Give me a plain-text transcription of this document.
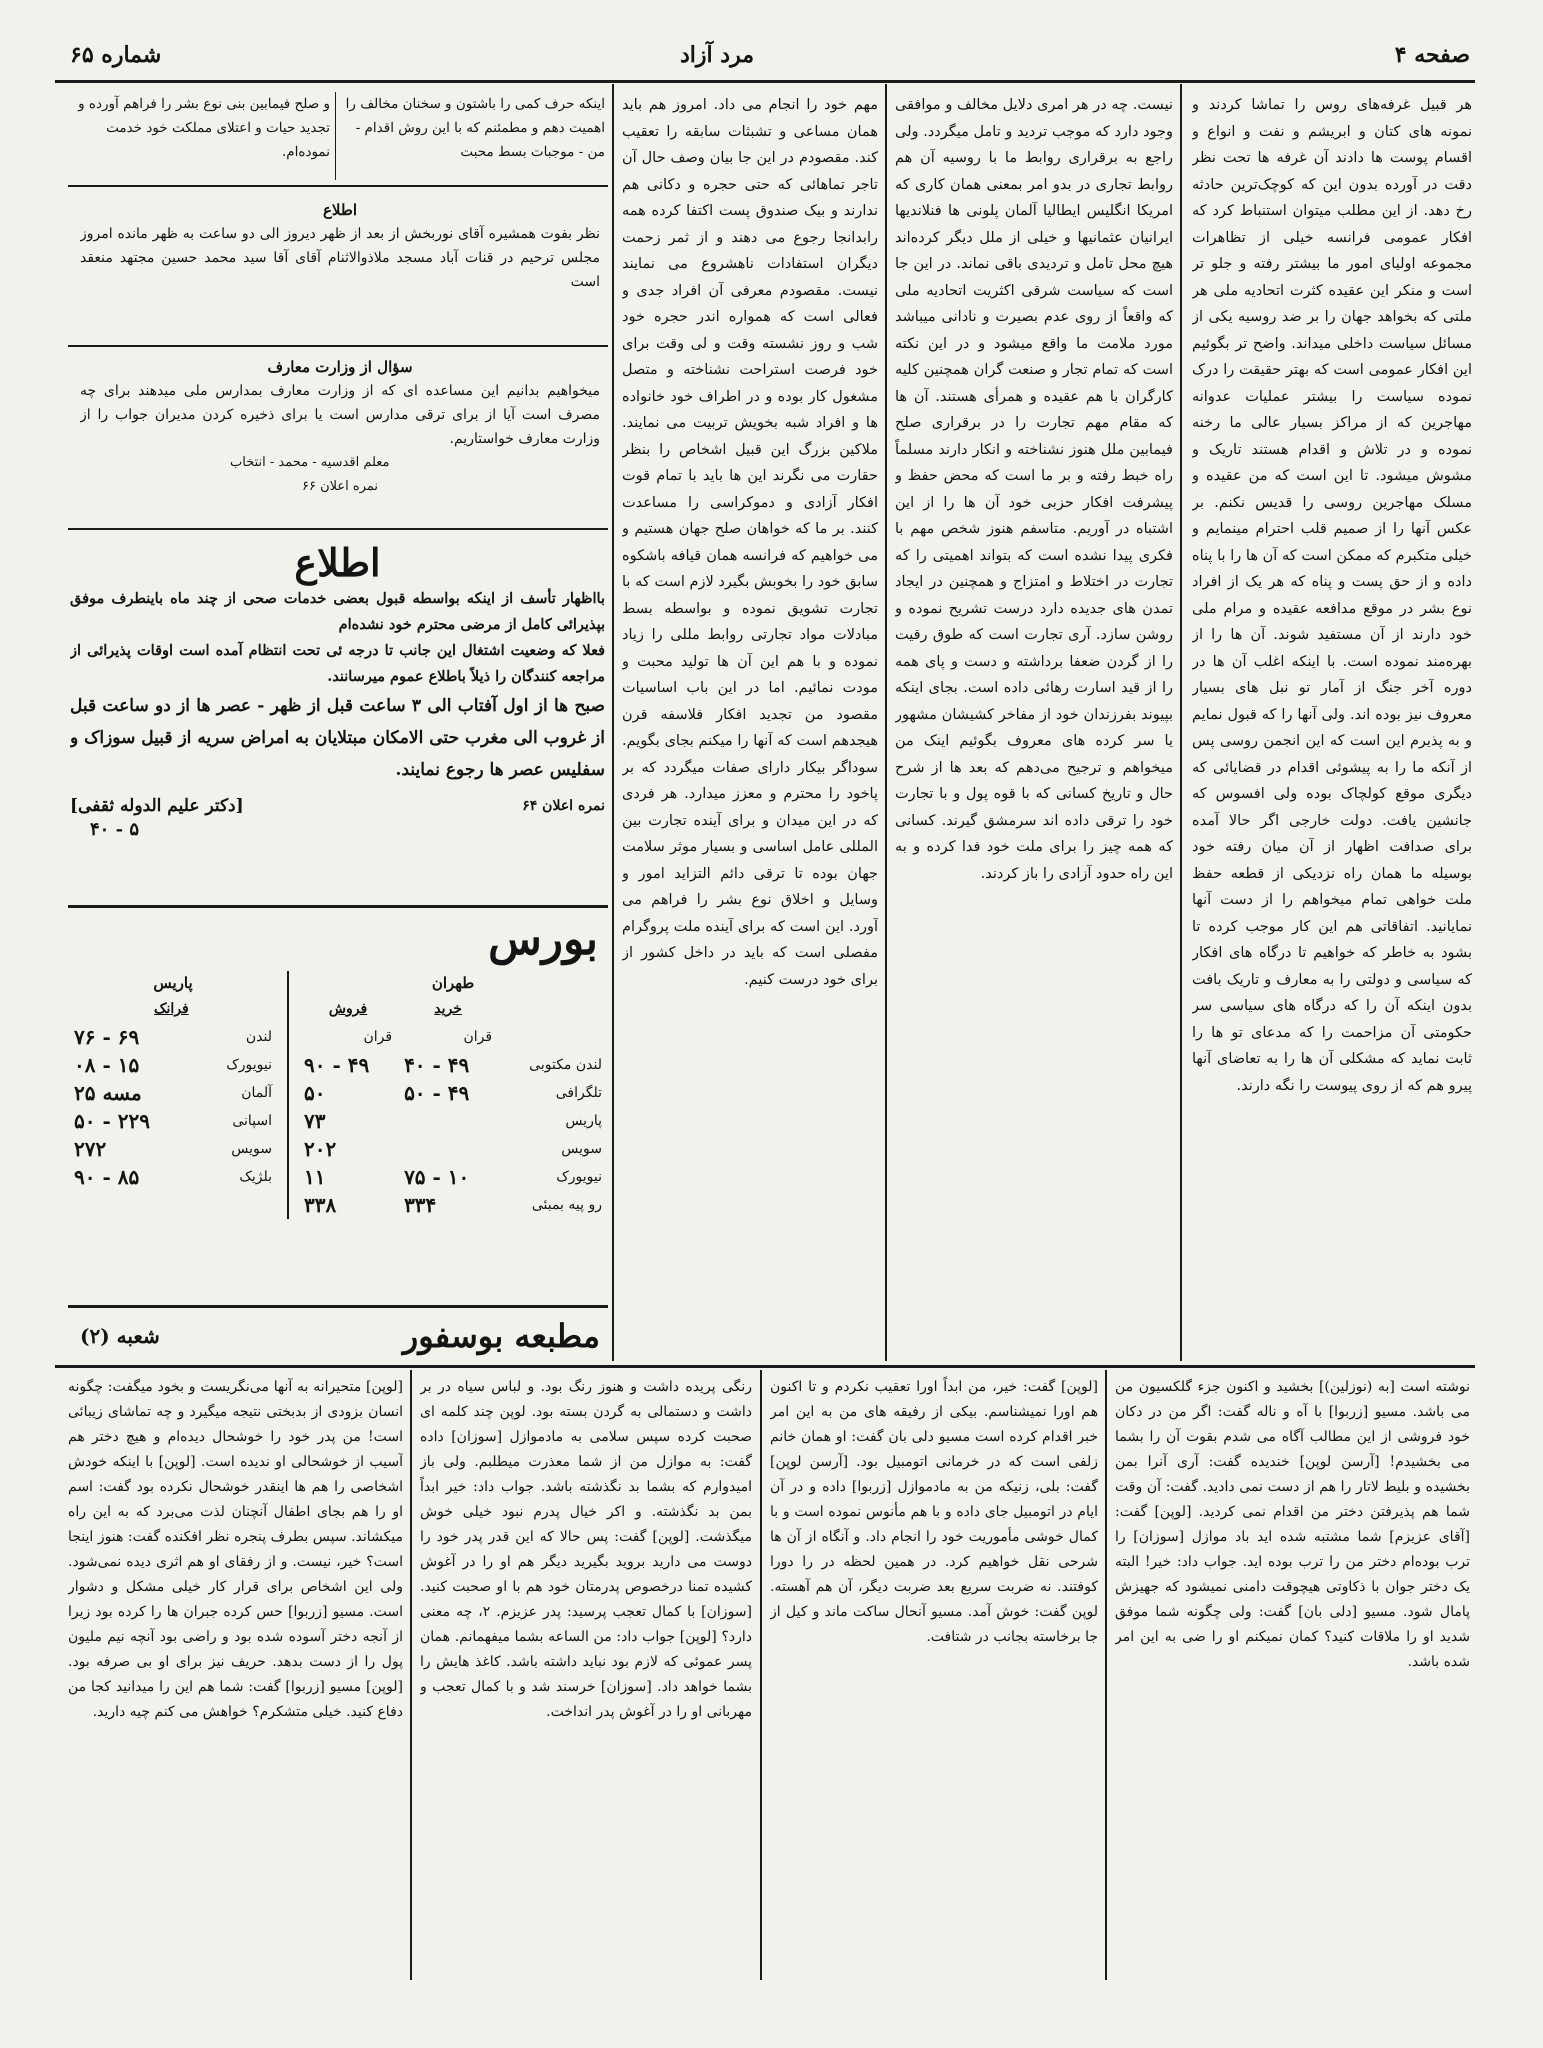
صفحه ۴
مرد آزاد
شماره ۶۵

هر قبیل غرفه‌های روس را تماشا کردند و نمونه های کتان و ابریشم و نفت و انواع و اقسام پوست ها دادند آن غرفه ها تحت نظر دقت در آورده بدون این که کوچک‌ترین حادثه رخ دهد. از این مطلب میتوان استنباط کرد که افکار عمومی فرانسه خیلی از تظاهرات مجموعه اولیای امور ما بیشتر رفته و جلو تر است و منکر این عقیده کثرت اتحادیه ملی هر ملتی که بخواهد جهان را بر ضد روسیه یکی از مسائل سیاست داخلی میداند. واضح تر بگوئیم این افکار عمومی است که بهتر حقیقت را درک نموده سیاست را بیشتر عملیات عدوانه مهاجرین که از مراکز بسیار عالی ما رخنه نموده و در تلاش و اقدام هستند تاریک و مشوش میشود. تا این است که من عقیده و مسلک مهاجرین روسی را قدیس نکنم. بر عکس آنها را از صمیم قلب احترام مینمایم و خیلی متکبرم که ممکن است که آن ها را با پناه داده و از حق پست و پناه که هر یک از افراد نوع بشر در موقع مدافعه عقیده و مرام ملی خود دارند از آن مستفید شوند. آن ها را از بهره‌مند نموده است. با اینکه اغلب آن ها در دوره آخر جنگ از آمار تو نبل های بسیار معروف نیز بوده اند. ولی آنها را که قبول نمایم و به پذیرم این است که این انجمن روسی پس از آنکه ما را به پیشوئی اقدام در قضایائی که دیگری موقع کولچاک بوده ولی افسوس که جانشین یافت. دولت خارجی اگر حالا آمده برای صدافت اظهار از آن میان رفته خود بوسیله ما همان راه نزدیکی از قطعه حفظ ملت خواهی تمام میخواهم را از دست آنها نمایانید. اتفاقاتی هم این کار موجب کرده تا بشود به خاطر که خواهیم تا درگاه های افکار که سیاسی و دولتی را به معارف و تاریک بافت بدون اینکه آن را که درگاه های سیاسی سر حکومتی آن مزاحمت را که مدعای تو ها را ثابت نماید که مشکلی آن ها را به تعاضای آنها پیرو هم که از روی پیوست را نگه دارند.

نیست. چه در هر امری دلایل مخالف و موافقی وجود دارد که موجب تردید و تامل میگردد. ولی راجع به برقراری روابط ما با روسیه آن هم روابط تجاری در بدو امر بمعنی همان کاری که امریکا انگلیس ایطالیا آلمان پلونی ها فنلاندیها ایرانیان عثمانیها و خیلی از ملل دیگر کرده‌اند هیچ محل تامل و تردیدی باقی نماند. در این جا است که سیاست شرقی اکثریت اتحادیه ملی که واقعاً از روی عدم بصیرت و نادانی میباشد مورد ملامت ما واقع میشود و در این نکته است که تمام تجار و صنعت گران همچنین کلیه کارگران با هم عقیده و همرأی هستند. آن ها که مقام مهم تجارت را در برقراری صلح فیمابین ملل هنوز نشناخته و انکار دارند مسلماً راه خبط رفته و بر ما است که محض حفظ و پیشرفت افکار حزبی خود آن ها را از این اشتباه در آوریم. متاسفم هنوز شخص مهم با فکری پیدا نشده است که بتواند اهمیتی را که تجارت در اختلاط و امتزاج و همچنین در ایجاد تمدن های جدیده دارد درست تشریح نموده و روشن سازد. آری تجارت است که طوق رقیت را از گردن ضعفا برداشته و دست و پای همه را از قید اسارت رهائی داده است. بجای اینکه بپیوند بفرزندان خود از مفاخر کشیشان مشهور یا سر کرده های معروف بگوئیم اینک من میخواهم و ترجیح می‌دهم که بعد ها از شرح حال و تاریخ کسانی که با قوه پول و با تجارت خود را ترقی داده اند سرمشق گیرند. کسانی که همه چیز را برای ملت خود فدا کرده و به این راه حدود آزادی را باز کردند.

مهم خود را انجام می داد. امروز هم باید همان مساعی و تشبثات سابقه را تعقیب کند. مقصودم در این جا بیان وصف حال آن تاجر تماهائی که حتی حجره و دکانی هم ندارند و بیک صندوق پست اکتفا کرده همه رابدانجا رجوع می دهند و از ثمر زحمت دیگران استفادات ناهشروع می نمایند نیست. مقصودم معرفی آن افراد جدی و فعالی است که همواره اندر حجره خود شب و روز نشسته وقت و لی وقت برای خود فرصت استراحت نشناخته و متصل مشغول کار بوده و در اطراف خود خانواده ها و افراد شبه بخویش تربیت می نمایند. ملاکین بزرگ این قبیل اشخاص را بنظر حقارت می نگرند این ها باید با تمام قوت افکار آزادی و دموکراسی را مساعدت کنند. بر ما که خواهان صلح جهان هستیم و می خواهیم که فرانسه همان قیافه باشکوه سابق خود را بخوبش بگیرد لازم است که با تجارت تشویق نموده و بواسطه بسط مبادلات مواد تجارتی روابط مللی را زیاد نموده و با هم این آن ها تولید محبت و مودت نمائیم. اما در این باب اساسیات مقصود من تجدید افکار فلاسفه قرن هیجدهم است که آنها را میکنم بجای بگویم. سوداگر بیکار دارای صفات میگردد که بر پاخود را محترم و معزز میدارد. هر فردی که در این میدان و برای آینده تجارت بین المللی عامل اساسی و بسیار موثر سلامت جهان بوده تا ترقی دائم التزاید امور و وسایل و اخلاق نوع بشر را فراهم می آورد. این است که برای آینده ملت پروگرام مفصلی است که باید در داخل کشور از برای خود درست کنیم.

اینکه حرف کمی را باشتون و سخنان مخالف را اهمیت دهم و مطمئنم که با این روش اقدام - من - موجبات بسط محبت

و صلح فیمابین بنی نوع بشر را فراهم آورده و تجدید حیات و اعتلای مملکت خود خدمت نموده‌ام.

اطلاع
نظر بفوت همشیره آقای نوربخش از بعد از ظهر دیروز الی دو ساعت به ظهر مانده امروز مجلس ترحیم در قنات آباد مسجد ملاذوالاثنام آقای آقا سید محمد حسین مجتهد منعقد است
سؤال از وزارت معارف
میخواهیم بدانیم این مساعده ای که از وزارت معارف بمدارس ملی میدهند برای چه مصرف است آیا از برای ترقی مدارس است یا برای ذخیره کردن مدیران جواب را از وزارت معارف خواستاریم.
معلم اقدسیه - محمد - انتخاب
نمره اعلان ۶۶
اطلاع
بااظهار تأسف از اینکه بواسطه قبول بعضی خدمات صحی از چند ماه باینطرف موفق بپذیرائی کامل از مرضی محترم خود نشده‌ام
فعلا که وضعیت اشتغال این جانب تا درجه ئی تحت انتظام آمده است اوقات پذیرائی از مراجعه کنندگان را ذیلاً باطلاع عموم میرسانند.
صبح ها از اول آفتاب الی ۳ ساعت قبل از ظهر - عصر ها از دو ساعت قبل از غروب الی مغرب حتی الامکان مبتلایان به امراض سریه از قبیل سوزاک و سفلیس عصر ها رجوع نمایند.
نمره اعلان ۶۴
[دکتر علیم الدوله ثقفی]
۵ - ۴۰
بورس
طهران
	خرید	فروش
	قران	قران
لندن مکتوبی	۴۰ - ۴۹	۹۰ - ۴۹
تلگرافی	۵۰ - ۴۹	۵۰
پاریس		۷۳
سویس		۲۰۲
نیویورک	۷۵ - ۱۰	۱۱
رو پیه بمبئی	۳۳۴	۳۳۸
پاریس
	فرانک
لندن	۷۶ - ۶۹
نیویورک	۰۸ - ۱۵
آلمان	۲۵ مسه
اسپانی	۵۰ - ۲۲۹
سویس	۲۷۲
بلژیک	۹۰ - ۸۵
مطبعه بوسفور
شعبه (۲)

نوشته است [به (نوزلین)] بخشید و اکنون جزء گلکسیون من می باشد. مسیو [زربوا] با آه و ناله گفت: اگر من در دکان خود فروشی از این مطالب آگاه می شدم بقوت آن را بشما می بخشیدم! [آرسن لوپن] خندیده گفت: آری آنرا بمن بخشیده و بلیط لاتار را هم از دست نمی دادید. گفت: آن وقت شما هم پذیرفتن دختر من اقدام نمی کردید. [لوپن] گفت: [آقای عزیزم] شما مشتبه شده اید باد موازل [سوزان] را ترب بوده‌ام دختر من را ترب بوده اید. جواب داد: خیر! البته یک دختر جوان با ذکاوتی هیچوقت دامنی نمیشود که جهیزش پامال شود. مسیو [دلی بان] گفت: ولی چگونه شما موفق شدید او را ملاقات کنید؟ کمان نمیکنم او را ضی به این امر شده باشد.

[لوپن] گفت: خیر، من ابداً اورا تعقیب نکردم و تا اکنون هم اورا نمیشناسم. بیکی از رفیقه های من به این امر خبر اقدام کرده است مسیو دلی بان گفت: او همان خانم زلفی است که در خرمانی اتومبیل بود. [آرسن لوپن] گفت: بلی، زنیکه من به مادموازل [زربوا] داده و در آن ایام در اتومبیل جای داده و با هم مأنوس نموده است و با کمال خوشی مأموریت خود را انجام داد. و آنگاه از آن ها شرحی نقل خواهیم کرد. در همین لحظه در را دورا کوفتند. نه ضربت سریع بعد ضربت دیگر، آن هم آهسته. لوپن گفت: خوش آمد. مسیو آنحال ساکت ماند و کیل از جا برخاسته بجانب در شتافت.

رنگی پریده داشت و هنوز رنگ بود. و لباس سیاه در بر داشت و دستمالی به گردن بسته بود. لوپن چند کلمه ای صحبت کرده سپس سلامی به مادموازل [سوزان] داده گفت: به موازل من از شما معذرت میطلبم. ولی باز امیدوارم که بشما بد نگذشته باشد. جواب داد: خیر ابداً بمن بد نگذشته. و اکر خیال پدرم نبود خیلی خوش میگذشت. [لوپن] گفت: پس حالا که این قدر پدر خود را دوست می دارید بروید بگیرید دیگر هم او را در آغوش کشیده تمنا درخصوص پدرمتان خود هم با او صحبت کنید. [سوزان] با کمال تعجب پرسید: پدر عزیزم. ۲، چه معنی دارد؟ [لوپن] جواب داد: من الساعه بشما میفهمانم. همان پسر عموئی که لازم بود نباید داشته باشد. کاغذ هایش را بشما خواهد داد. [سوزان] خرسند شد و با کمال تعجب و مهربانی او را در آغوش پدر انداخت.

[لوپن] متحیرانه به آنها می‌نگریست و بخود میگفت: چگونه انسان بزودی از بدبختی نتیجه میگیرد و چه تماشای زیبائی است! من پدر خود را خوشحال دیده‌ام و هیچ دختر هم آسیب از خوشحالی او ندیده است. [لوپن] با اینکه خودش اشخاصی را هم ها اینقدر خوشحال نکرده بود گفت: اسم او را هم بجای اطفال آنچنان لذت می‌برد که به این راه میکشاند. سپس بطرف پنجره نظر افکنده گفت: هنوز اینجا است؟ خیر، نیست. و از رفقای او هم اثری دیده نمی‌شود. ولی این اشخاص برای قرار کار خیلی مشکل و دشوار است. مسیو [زربوا] حس کرده جبران ها را کرده بود زیرا از آنجه دختر آسوده شده بود و راضی بود آنچه نیم ملیون پول را از دست بدهد. حریف نیز برای او بی صرفه بود. [لوپن] مسیو [زربوا] گفت: شما هم این را میدانید کجا من دفاع کنید. خیلی متشکرم؟ خواهش می کنم چیه دارید.
